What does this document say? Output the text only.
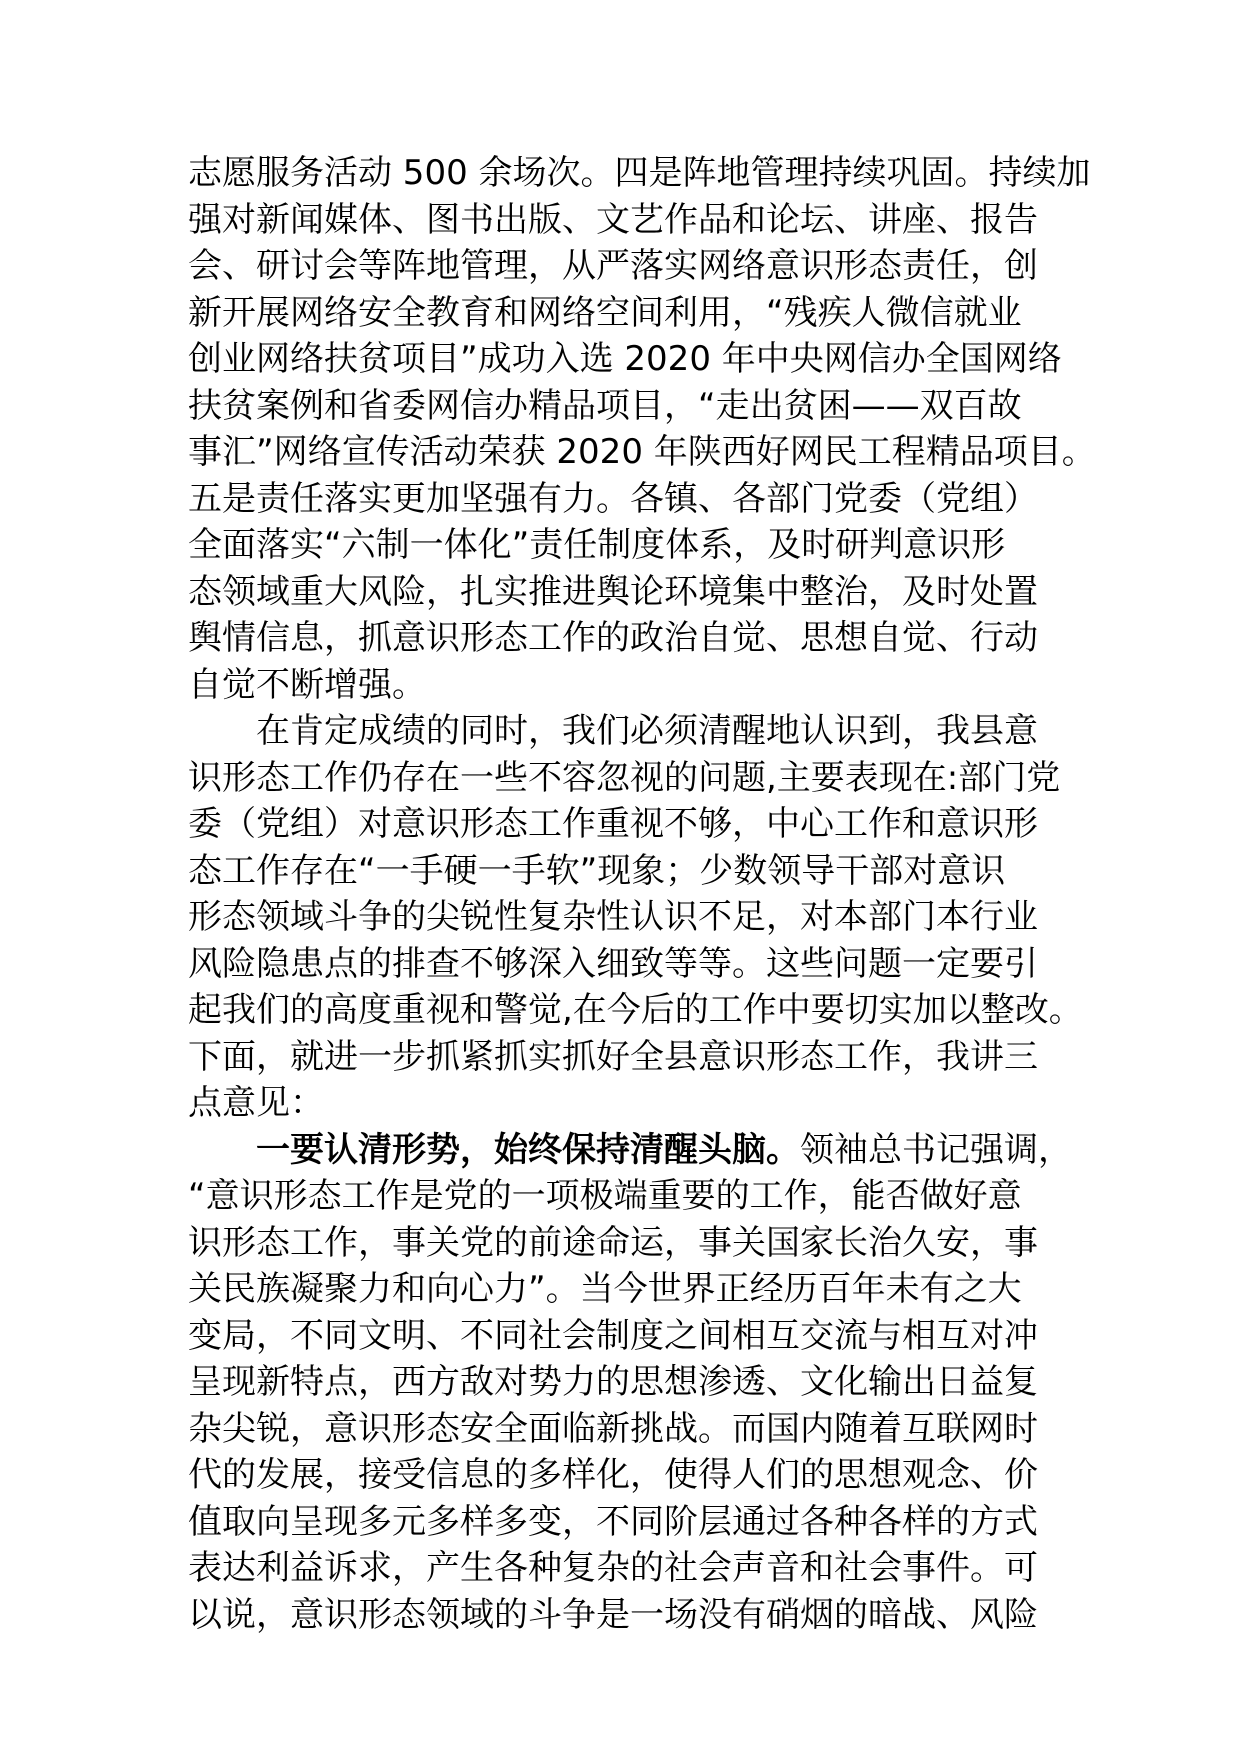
志愿服务活动 500 余场次。四是阵地管理持续巩固。持续加
强对新闻媒体、图书出版、文艺作品和论坛、讲座、报告
会、研讨会等阵地管理，从严落实网络意识形态责任，创
新开展网络安全教育和网络空间利用，“残疾人微信就业
创业网络扶贫项目”成功入选 2020 年中央网信办全国网络
扶贫案例和省委网信办精品项目，“走出贫困——双百故
事汇”网络宣传活动荣获 2020 年陕西好网民工程精品项目。
五是责任落实更加坚强有力。各镇、各部门党委（党组）
全面落实“六制一体化”责任制度体系，及时研判意识形
态领域重大风险，扎实推进舆论环境集中整治，及时处置
舆情信息，抓意识形态工作的政治自觉、思想自觉、行动
自觉不断增强。
在肯定成绩的同时，我们必须清醒地认识到，我县意
识形态工作仍存在一些不容忽视的问题,主要表现在:部门党
委（党组）对意识形态工作重视不够，中心工作和意识形
态工作存在“一手硬一手软”现象；少数领导干部对意识
形态领域斗争的尖锐性复杂性认识不足，对本部门本行业
风险隐患点的排查不够深入细致等等。这些问题一定要引
起我们的高度重视和警觉,在今后的工作中要切实加以整改。
下面，就进一步抓紧抓实抓好全县意识形态工作，我讲三
点意见：
一要认清形势，始终保持清醒头脑。领袖总书记强调，
“意识形态工作是党的一项极端重要的工作，能否做好意
识形态工作，事关党的前途命运，事关国家长治久安，事
关民族凝聚力和向心力”。当今世界正经历百年未有之大
变局，不同文明、不同社会制度之间相互交流与相互对冲
呈现新特点，西方敌对势力的思想渗透、文化输出日益复
杂尖锐，意识形态安全面临新挑战。而国内随着互联网时
代的发展，接受信息的多样化，使得人们的思想观念、价
值取向呈现多元多样多变，不同阶层通过各种各样的方式
表达利益诉求，产生各种复杂的社会声音和社会事件。可
以说，意识形态领域的斗争是一场没有硝烟的暗战、风险
